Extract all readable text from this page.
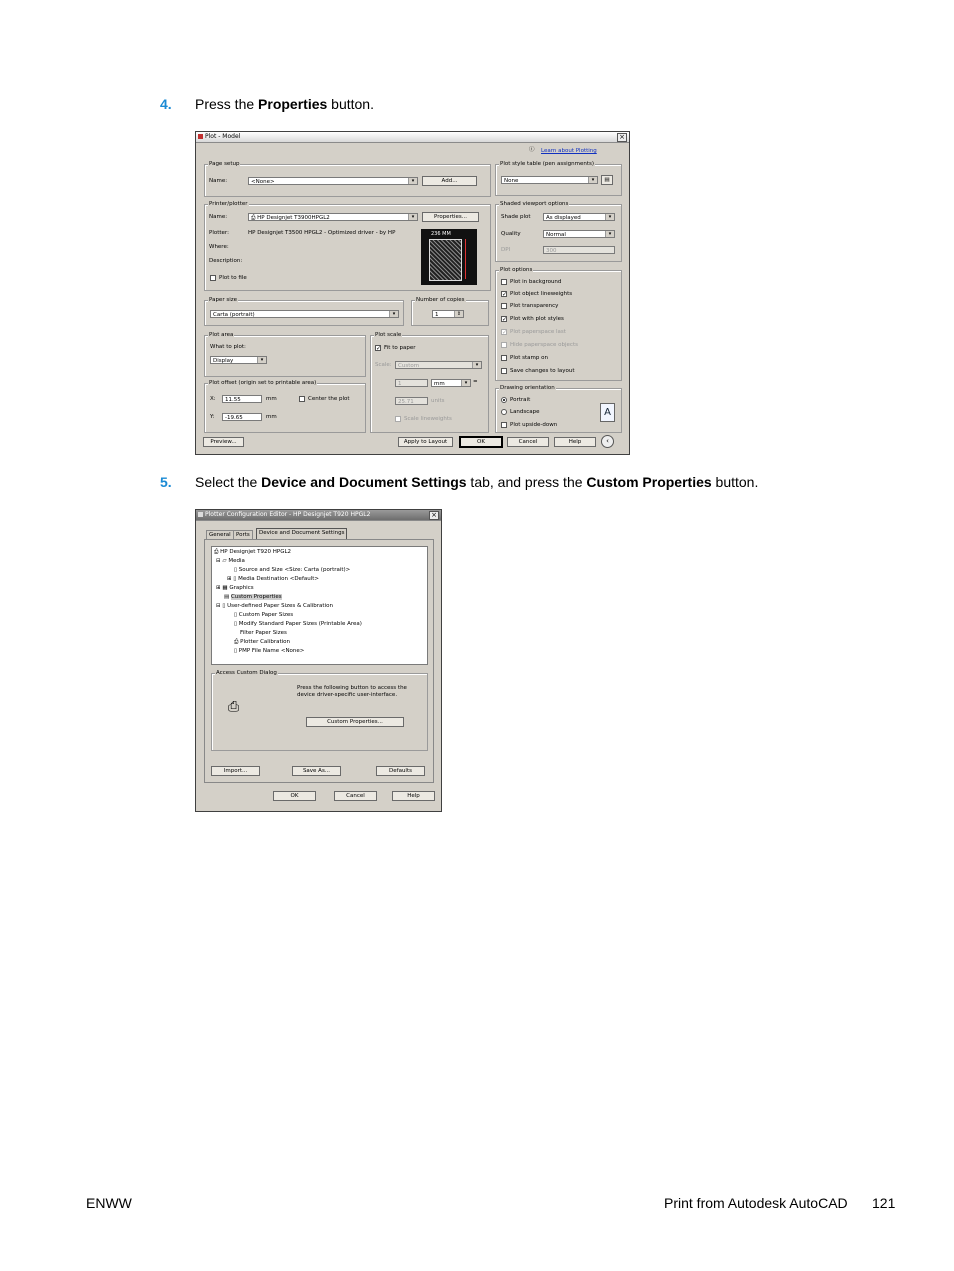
4. Press the Properties button.
Plot - Model	×
ⓘ Learn about Plotting
Page setup
Name:	<None>	▾	Add...
Printer/plotter
Name:	⎙ HP Designjet T3900HPGL2	▾	Properties...
Plotter:	HP Designjet T3500 HPGL2 - Optimized driver - by HP
Where:
Description:
Plot to file
236 MM
Paper size
Carta (portrait)	▾
Number of copies
1	⇕
Plot area
What to plot:
Display	▾
Plot offset (origin set to printable area)
X:	11.55	mm	Center the plot
Y:	-19.65	mm
Plot scale
✓ Fit to paper
Scale:	Custom	▾
1	mm	▾	=
25.71	units
Scale lineweights
Plot style table (pen assignments)
None	▾	▤
Shaded viewport options
Shade plot	As displayed	▾
Quality	Normal	▾
DPI	300
Plot options
Plot in background
✓ Plot object lineweights
Plot transparency
✓ Plot with plot styles
✓ Plot paperspace last
Hide paperspace objects
Plot stamp on
Save changes to layout
Drawing orientation
Portrait
Landscape
Plot upside-down
A
Preview...	Apply to Layout	OK	Cancel	Help	‹
5. Select the Device and Document Settings tab, and press the Custom Properties button.
Plotter Configuration Editor - HP Designjet T920 HPGL2	×
General Ports	Device and Document Settings
⎙ HP Designjet T920 HPGL2
⊟ ▱ Media
▯ Source and Size <Size: Carta (portrait)>
⊞ ▯ Media Destination <Default>
⊞ ▦ Graphics
▤ Custom Properties
⊟ ▯ User-defined Paper Sizes & Calibration
▯ Custom Paper Sizes
▯ Modify Standard Paper Sizes (Printable Area)
Filter Paper Sizes
⎙ Plotter Calibration
▯ PMP File Name <None>
Access Custom Dialog
⎙
Press the following button to access the device driver-specific user-interface.
Custom Properties...
Import...	Save As...	Defaults
OK	Cancel	Help
ENWW	Print from Autodesk AutoCAD 121
